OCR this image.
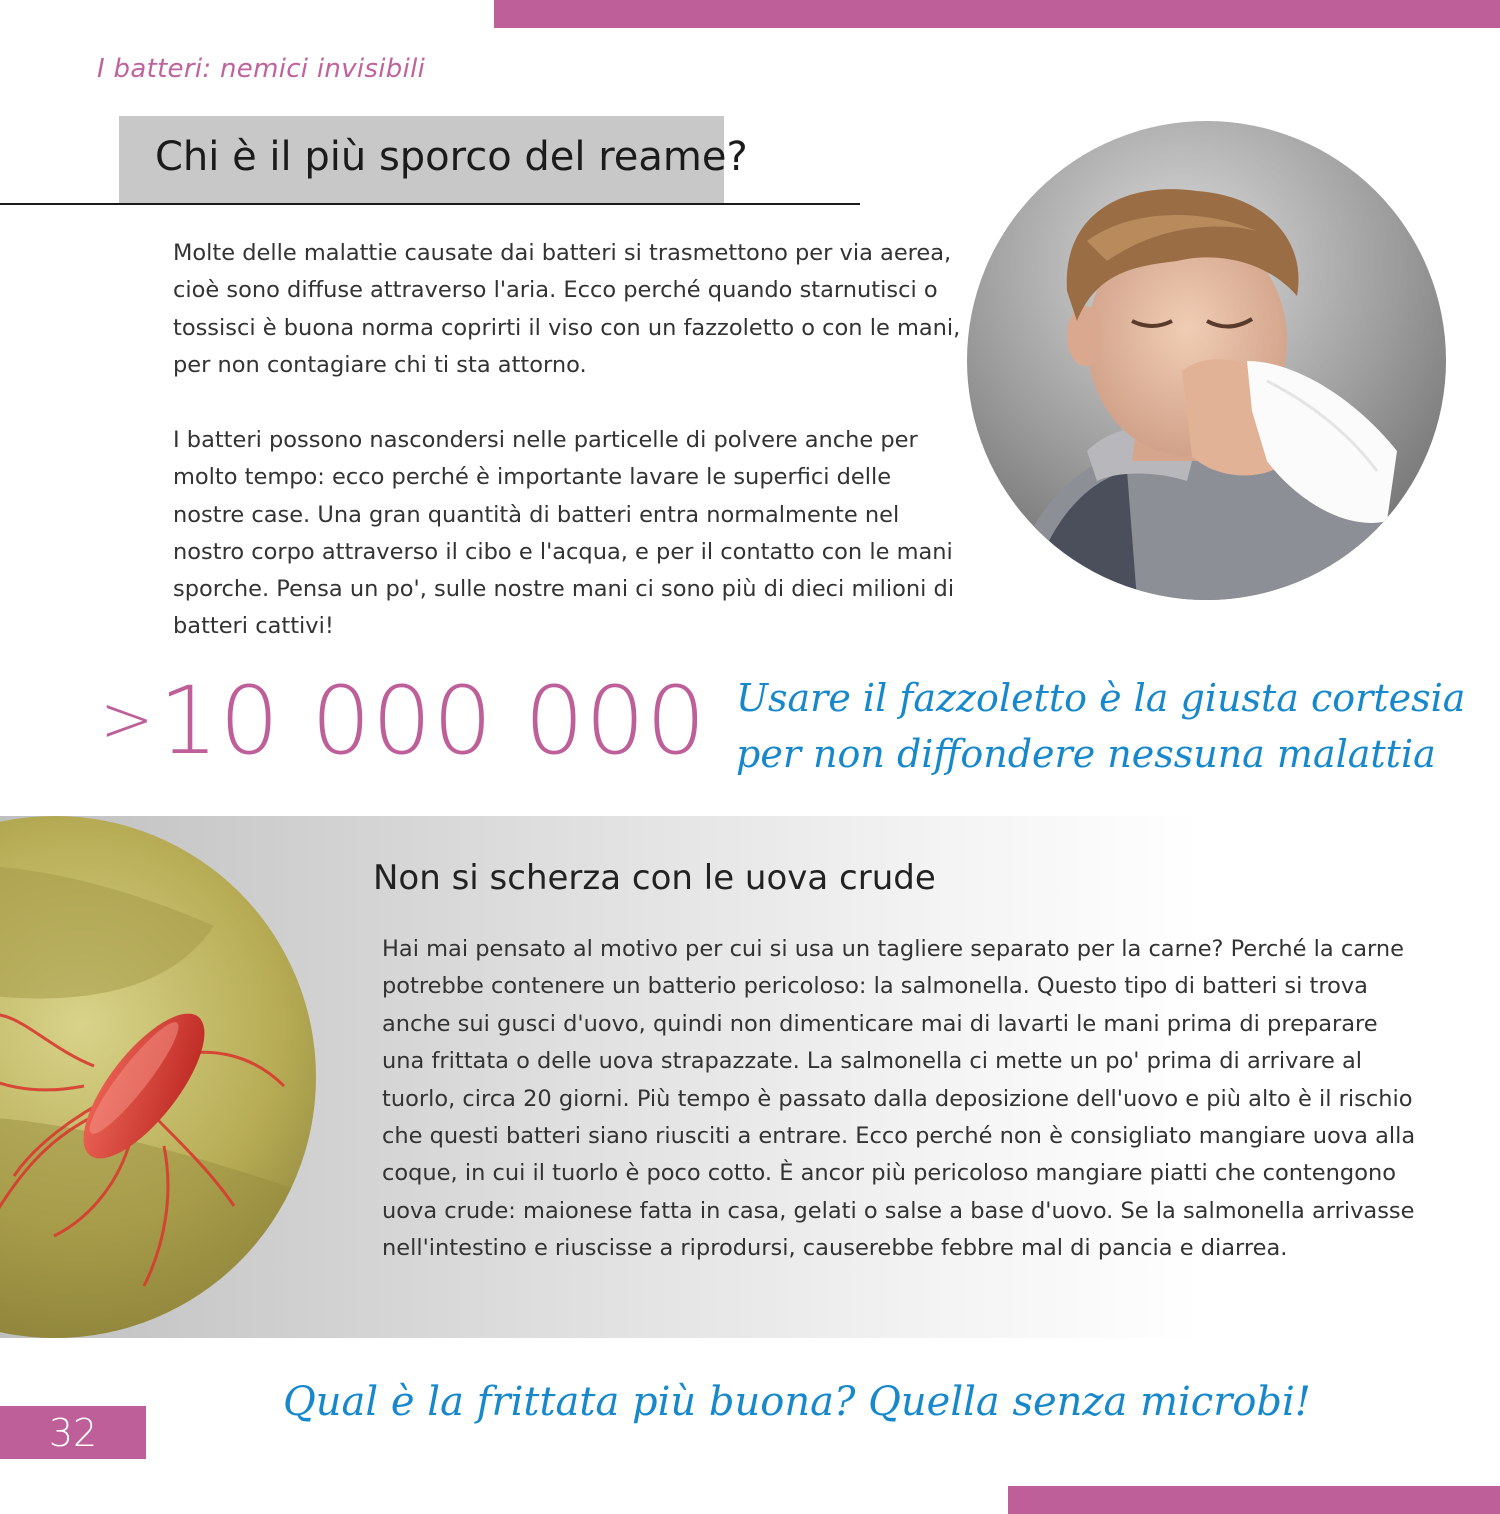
I batteri: nemici invisibili
Chi è il più sporco del reame?

Molte delle malattie causate dai batteri si trasmettono per via aerea, cioè sono diffuse attraverso l'aria. Ecco perché quando starnutisci o tossisci è buona norma coprirti il viso con un fazzoletto o con le mani, per non contagiare chi ti sta attorno.

I batteri possono nascondersi nelle particelle di polvere anche per molto tempo: ecco perché è importante lavare le superfici delle nostre case. Una gran quantità di batteri entra normalmente nel nostro corpo attraverso il cibo e l'acqua, e per il contatto con le mani sporche. Pensa un po', sulle nostre mani ci sono più di dieci milioni di batteri cattivi!

>10 000 000 Usare il fazzoletto è la giusta cortesia
per non diffondere nessuna malattia
Non si scherza con le uova crude

Hai mai pensato al motivo per cui si usa un tagliere separato per la carne? Perché la carne potrebbe contenere un batterio pericoloso: la salmonella. Questo tipo di batteri si trova anche sui gusci d'uovo, quindi non dimenticare mai di lavarti le mani prima di preparare una frittata o delle uova strapazzate. La salmonella ci mette un po' prima di arrivare al tuorlo, circa 20 giorni. Più tempo è passato dalla deposizione dell'uovo e più alto è il rischio che questi batteri siano riusciti a entrare. Ecco perché non è consigliato mangiare uova alla coque, in cui il tuorlo è poco cotto. È ancor più pericoloso mangiare piatti che contengono uova crude: maionese fatta in casa, gelati o salse a base d'uovo. Se la salmonella arrivasse nell'intestino e riuscisse a riprodursi, causerebbe febbre mal di pancia e diarrea.

Qual è la frittata più buona? Quella senza microbi!
32
